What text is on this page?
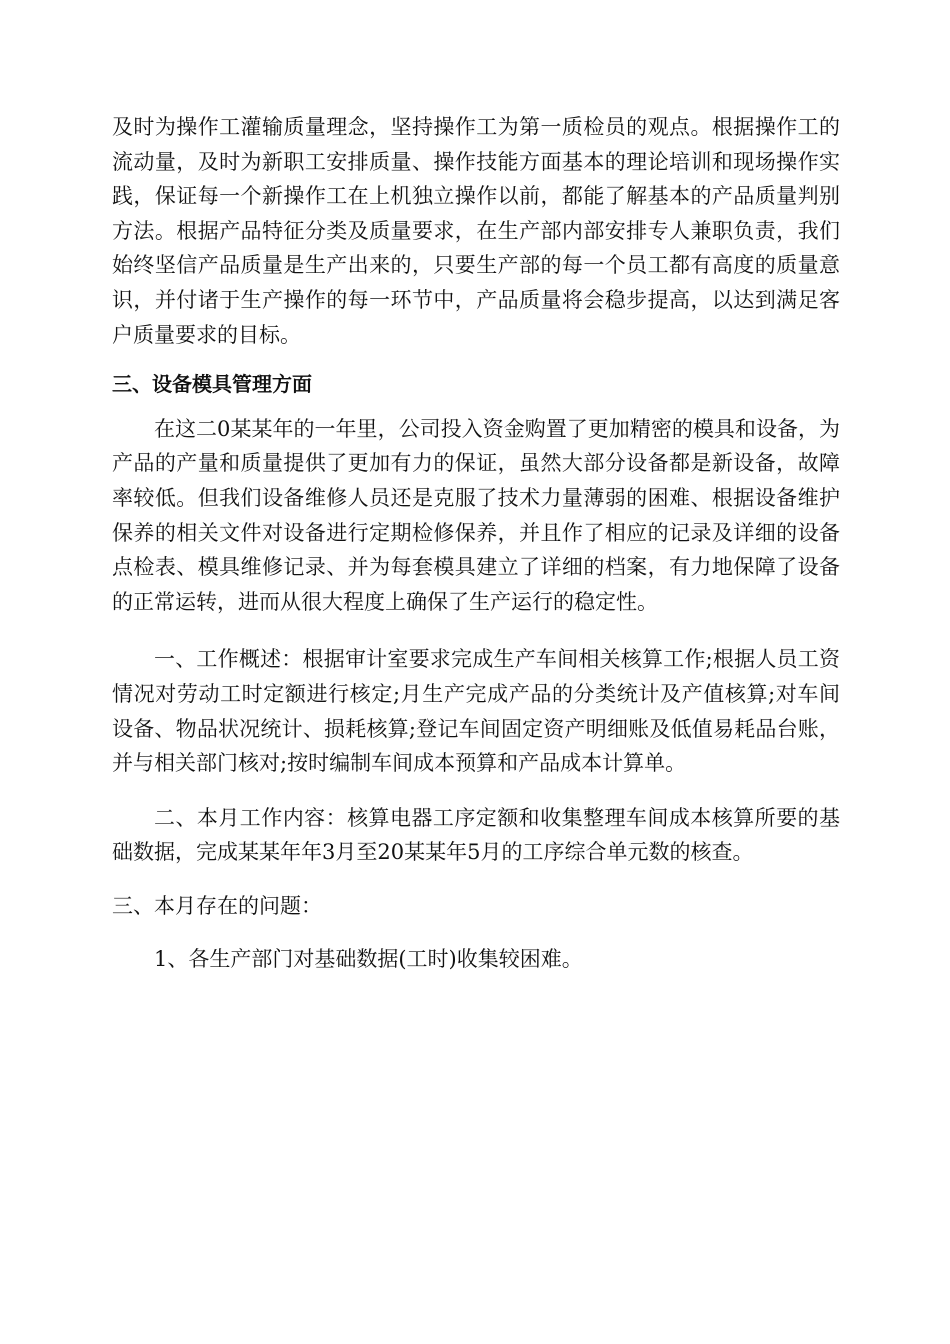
及时为操作工灌输质量理念，坚持操作工为第一质检员的观点。根据操作工的流动量，及时为新职工安排质量、操作技能方面基本的理论培训和现场操作实践，保证每一个新操作工在上机独立操作以前，都能了解基本的产品质量判别方法。根据产品特征分类及质量要求，在生产部内部安排专人兼职负责，我们始终坚信产品质量是生产出来的，只要生产部的每一个员工都有高度的质量意识，并付诸于生产操作的每一环节中，产品质量将会稳步提高，以达到满足客户质量要求的目标。

三、设备模具管理方面

在这二0某某年的一年里，公司投入资金购置了更加精密的模具和设备，为产品的产量和质量提供了更加有力的保证，虽然大部分设备都是新设备，故障率较低。但我们设备维修人员还是克服了技术力量薄弱的困难、根据设备维护保养的相关文件对设备进行定期检修保养，并且作了相应的记录及详细的设备点检表、模具维修记录、并为每套模具建立了详细的档案，有力地保障了设备的正常运转，进而从很大程度上确保了生产运行的稳定性。

一、工作概述：根据审计室要求完成生产车间相关核算工作;根据人员工资情况对劳动工时定额进行核定;月生产完成产品的分类统计及产值核算;对车间设备、物品状况统计、损耗核算;登记车间固定资产明细账及低值易耗品台账，并与相关部门核对;按时编制车间成本预算和产品成本计算单。

二、本月工作内容：核算电器工序定额和收集整理车间成本核算所要的基础数据，完成某某年年3月至20某某年5月的工序综合单元数的核查。

三、本月存在的问题：

1、各生产部门对基础数据(工时)收集较困难。
